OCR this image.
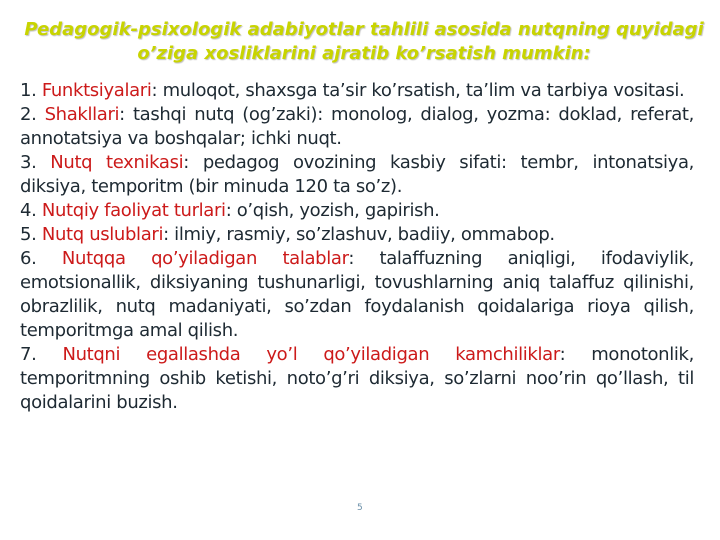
Pedagogik-psixologik adabiyotlar tahlili asosida nutqning quyidagi
o’ziga xosliklarini ajratib ko’rsatish mumkin:

1. Funktsiyalari: muloqot, shaxsga ta’sir ko’rsatish, ta’lim va tarbiya vositasi.

2. Shakllari: tashqi nutq (og’zaki): monolog, dialog, yozma: doklad, referat, annotatsiya va boshqalar; ichki nuqt.

3. Nutq texnikasi: pedagog ovozining kasbiy sifati: tembr, intonatsiya, diksiya, temporitm (bir minuda 120 ta so’z).

4. Nutqiy faoliyat turlari: o’qish, yozish, gapirish.

5. Nutq uslublari: ilmiy, rasmiy, so’zlashuv, badiiy, ommabop.

6. Nutqqa qo’yiladigan talablar: talaffuzning aniqligi, ifodaviylik, emotsionallik, diksiyaning tushunarligi, tovushlarning aniq talaffuz qilinishi, obrazlilik, nutq madaniyati, so’zdan foydalanish qoidalariga rioya qilish, temporitmga amal qilish.

7. Nutqni egallashda yo’l qo’yiladigan kamchiliklar: monotonlik, temporitmning oshib ketishi, noto’g’ri diksiya, so’zlarni noo’rin qo’llash, til qoidalarini buzish.

5
